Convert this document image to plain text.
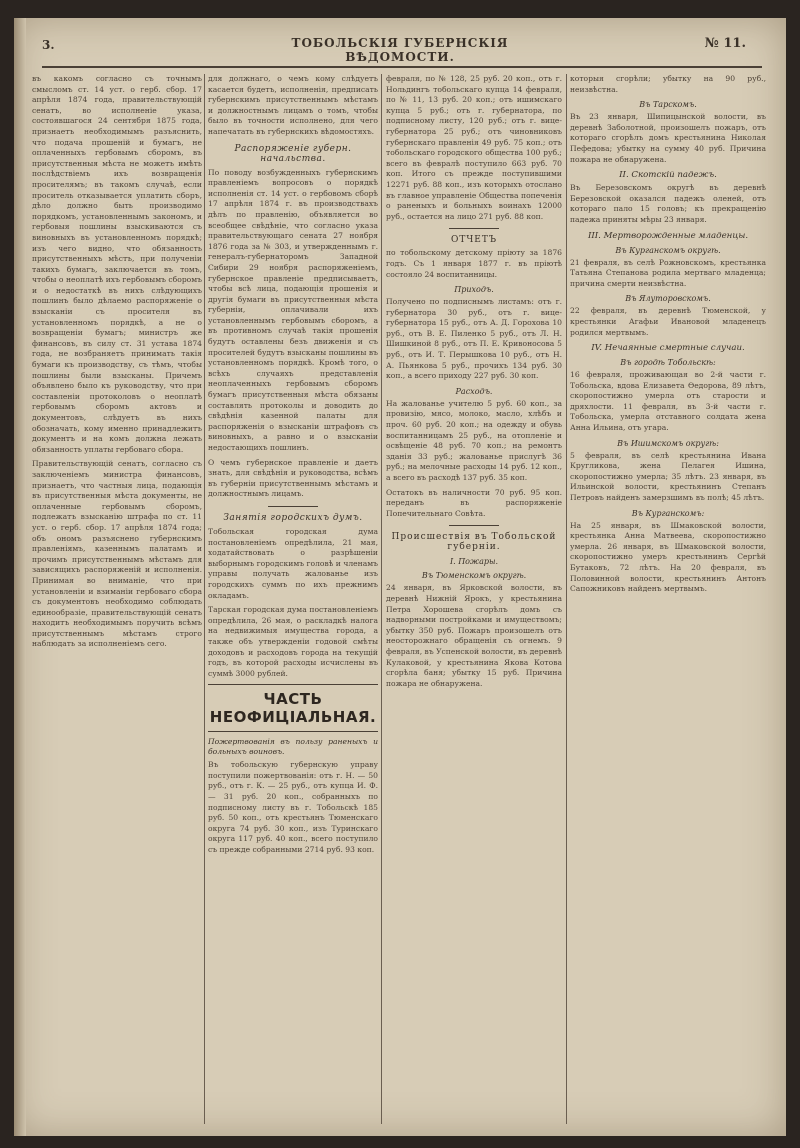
3.	ТОБОЛЬСКIЯ ГУБЕРНСКIЯ ВѢДОМОСТИ.
№ 11.

въ какомъ согласно съ точнымъ смысломъ ст. 14 уст. о герб. сбор. 17 апрѣля 1874 года, правительствующiй сенатъ, во исполненiе указа, состоявшагося 24 сентября 1875 года, признаетъ необходимымъ разъяснить, что подача прошенiй и бумагъ, не оплаченныхъ гербовымъ сборомъ, въ присутственныя мѣста не можетъ имѣть послѣдствiемъ ихъ возвращенiя просителямъ; въ такомъ случаѣ, если проситель отказывается уплатить сборъ, дѣло должно быть производимо порядкомъ, установленнымъ закономъ, и гербовыя пошлины взыскиваются съ виновныхъ въ установленномъ порядкѣ; изъ чего видно, что обязанность присутственныхъ мѣстъ, при полученiи такихъ бумагъ, заключается въ томъ, чтобы о неоплатѣ ихъ гербовымъ сборомъ и о недостаткѣ въ нихъ слѣдующихъ пошлинъ было дѣлаемо распоряженiе о взысканiи съ просителя въ установленномъ порядкѣ, а не о возвращенiи бумагъ; министръ же финансовъ, въ силу ст. 31 устава 1874 года, не возбраняетъ принимать такiя бумаги къ производству, съ тѣмъ, чтобы пошлины были взысканы. Причемъ объявлено было къ руководству, что при составленiи протоколовъ о неоплатѣ гербовымъ сборомъ актовъ и документовъ, слѣдуетъ въ нихъ обозначать, кому именно принадлежитъ документъ и на комъ должна лежать обязанность уплаты гербоваго сбора.

Правительствующiй сенатъ, согласно съ заключенiемъ министра финансовъ, признаетъ, что частныя лица, подающiя въ присутственныя мѣста документы, не оплаченные гербовымъ сборомъ, подлежатъ взысканiю штрафа по ст. 11 уст. о герб. сбор. 17 апрѣля 1874 года; объ ономъ разъяснено губернскимъ правленiямъ, казеннымъ палатамъ и прочимъ присутственнымъ мѣстамъ для зависящихъ распоряженiй и исполненiя. Принимая во вниманiе, что при установленiи и взиманiи гербоваго сбора съ документовъ необходимо соблюдать единообразiе, правительствующiй сенатъ находитъ необходимымъ поручить всѣмъ присутственнымъ мѣстамъ строго наблюдать за исполненiемъ сего.

для должнаго, о чемъ кому слѣдуетъ касается будетъ, исполненiя, предписать губернскимъ присутственнымъ мѣстамъ и должностнымъ лицамъ о томъ, чтобы было въ точности исполнено, для чего напечатать въ губернскихъ вѣдомостяхъ.

Распоряженiе губерн. начальства.

По поводу возбужденныхъ губернскимъ правленiемъ вопросовъ о порядкѣ исполненiя ст. 14 уст. о гербовомъ сборѣ 17 апрѣля 1874 г. въ производствахъ дѣлъ по правленiю, объявляется во всеобщее свѣдѣнiе, что согласно указа правительствующаго сената 27 ноября 1876 года за № 303, и утвержденнымъ г. генералъ-губернаторомъ Западной Сибири 29 ноября распоряженiемъ, губернское правленiе предписываетъ, чтобы всѣ лица, подающiя прошенiя и другiя бумаги въ присутственныя мѣста губернiи, оплачивали ихъ установленнымъ гербовымъ сборомъ, а въ противномъ случаѣ такiя прошенiя будутъ оставлены безъ движенiя и съ просителей будутъ взысканы пошлины въ установленномъ порядкѣ. Кромѣ того, о всѣхъ случаяхъ представленiя неоплаченныхъ гербовымъ сборомъ бумагъ присутственныя мѣста обязаны составлять протоколы и доводить до свѣдѣнiя казенной палаты для распоряженiя о взысканiи штрафовъ съ виновныхъ, а равно и о взысканiи недостающихъ пошлинъ.

О чемъ губернское правленiе и даетъ знать, для свѣдѣнiя и руководства, всѣмъ въ губернiи присутственнымъ мѣстамъ и должностнымъ лицамъ.

Занятiя городскихъ думъ.

Тобольская городская дума постановленiемъ опредѣлила, 21 мая, ходатайствовать о разрѣшенiи выборнымъ городскимъ головѣ и членамъ управы получать жалованье изъ городскихъ суммъ по ихъ прежнимъ окладамъ.

Тарская городская дума постановленiемъ опредѣлила, 26 мая, о раскладкѣ налога на недвижимыя имущества города, а также объ утвержденiи годовой смѣты доходовъ и расходовъ города на текущiй годъ, въ которой расходы исчислены въ суммѣ 3000 рублей.

ЧАСТЬ НЕОФИЦIАЛЬНАЯ.

Пожертвованiя въ пользу раненыхъ и больныхъ воиновъ.

Въ тобольскую губернскую управу поступили пожертвованiя: отъ г. Н. — 50 руб., отъ г. К. — 25 руб., отъ купца И. Ф. — 31 руб. 20 коп., собранныхъ по подписному листу въ г. Тобольскѣ 185 руб. 50 коп., отъ крестьянъ Тюменскаго округа 74 руб. 30 коп., изъ Туринскаго округа 117 руб. 40 коп., всего поступило съ прежде собранными 2714 руб. 93 коп.

февраля, по № 128, 25 руб. 20 коп., отъ г. Нольдингъ тобольскаго купца 14 февраля, по № 11, 13 руб. 20 коп.; отъ ишимскаго купца 5 руб.; отъ г. губернатора, по подписному листу, 120 руб.; отъ г. вице-губернатора 25 руб.; отъ чиновниковъ губернскаго правленiя 49 руб. 75 коп.; отъ тобольскаго городского общества 100 руб.; всего въ февралѣ поступило 663 руб. 70 коп. Итого съ прежде поступившими 12271 руб. 88 коп., изъ которыхъ отослано въ главное управленiе Общества попеченiя о раненыхъ и больныхъ воинахъ 12000 руб., остается на лицо 271 руб. 88 коп.

ОТЧЕТЪ

по тобольскому детскому прiюту за 1876 годъ. Съ 1 января 1877 г. въ прiютѣ состояло 24 воспитанницы.

Приходъ.

Получено по подписнымъ листамъ: отъ г. губернатора 30 руб., отъ г. вице-губернатора 15 руб., отъ А. Д. Горохова 10 руб., отъ В. Е. Пиленко 5 руб., отъ Л. Н. Шишкиной 8 руб., отъ П. Е. Кривоносова 5 руб., отъ И. Т. Перышкова 10 руб., отъ Н. А. Пьянкова 5 руб., прочихъ 134 руб. 30 коп., а всего приходу 227 руб. 30 коп.

Расходъ.

На жалованье учителю 5 руб. 60 коп., за провизiю, мясо, молоко, масло, хлѣбъ и проч. 60 руб. 20 коп.; на одежду и обувь воспитанницамъ 25 руб., на отопленiе и освѣщенiе 48 руб. 70 коп.; на ремонтъ зданiя 33 руб.; жалованье прислугѣ 36 руб.; на мелочные расходы 14 руб. 12 коп., а всего въ расходѣ 137 руб. 35 коп.

Остатокъ въ наличности 70 руб. 95 коп. переданъ въ распоряженiе Попечительнаго Совѣта.

Происшествiя въ Тобольской губернiи.
I. Пожары.
Въ Тюменскомъ округѣ.

24 января, въ Ярковской волости, въ деревнѣ Нижнiй Ярокъ, у крестьянина Петра Хорошева сгорѣлъ домъ съ надворными постройками и имуществомъ; убытку 350 руб. Пожаръ произошелъ отъ неосторожнаго обращенiя съ огнемъ. 9 февраля, въ Успенской волости, въ деревнѣ Кулаковой, у крестьянина Якова Котова сгорѣла баня; убытку 15 руб. Причина пожара не обнаружена.

которыя сгорѣли; убытку на 90 руб., неизвѣстна.

Въ Тарскомъ.

Въ 23 января, Шипицынской волости, въ деревнѣ Заболотной, произошелъ пожаръ, отъ котораго сгорѣлъ домъ крестьянина Николая Пефедова; убытку на сумму 40 руб. Причина пожара не обнаружена.

II. Скотскiй падежъ.

Въ Березовскомъ округѣ въ деревнѣ Березовской оказался падежъ оленей, отъ котораго пало 15 головъ; къ прекращенiю падежа приняты мѣры 23 января.

III. Мертворожденные младенцы.
Въ Курганскомъ округѣ.

21 февраля, въ селѣ Рожновскомъ, крестьянка Татьяна Степанова родила мертваго младенца; причина смерти неизвѣстна.

Въ Ялуторовскомъ.

22 февраля, въ деревнѣ Тюменской, у крестьянки Агафьи Ивановой младенецъ родился мертвымъ.

IV. Нечаянные смертные случаи.
Въ городѣ Тобольскѣ:

16 февраля, проживающая во 2-й части г. Тобольска, вдова Елизавета Ѳедорова, 89 лѣтъ, скоропостижно умерла отъ старости и дряхлости. 11 февраля, въ 3-й части г. Тобольска, умерла отставного солдата жена Анна Ильина, отъ угара.

Въ Ишимскомъ округѣ:

5 февраля, въ селѣ крестьянина Ивана Кругликова, жена Пелагея Ишина, скоропостижно умерла; 35 лѣтъ. 23 января, въ Ильинской волости, крестьянинъ Степанъ Петровъ найденъ замерзшимъ въ полѣ; 45 лѣтъ.

Въ Курганскомъ:

На 25 января, въ Шмаковской волости, крестьянка Анна Матвеева, скоропостижно умерла. 26 января, въ Шмаковской волости, скоропостижно умеръ крестьянинъ Сергѣй Бутаковъ, 72 лѣтъ. На 20 февраля, въ Половинной волости, крестьянинъ Антонъ Сапожниковъ найденъ мертвымъ.
